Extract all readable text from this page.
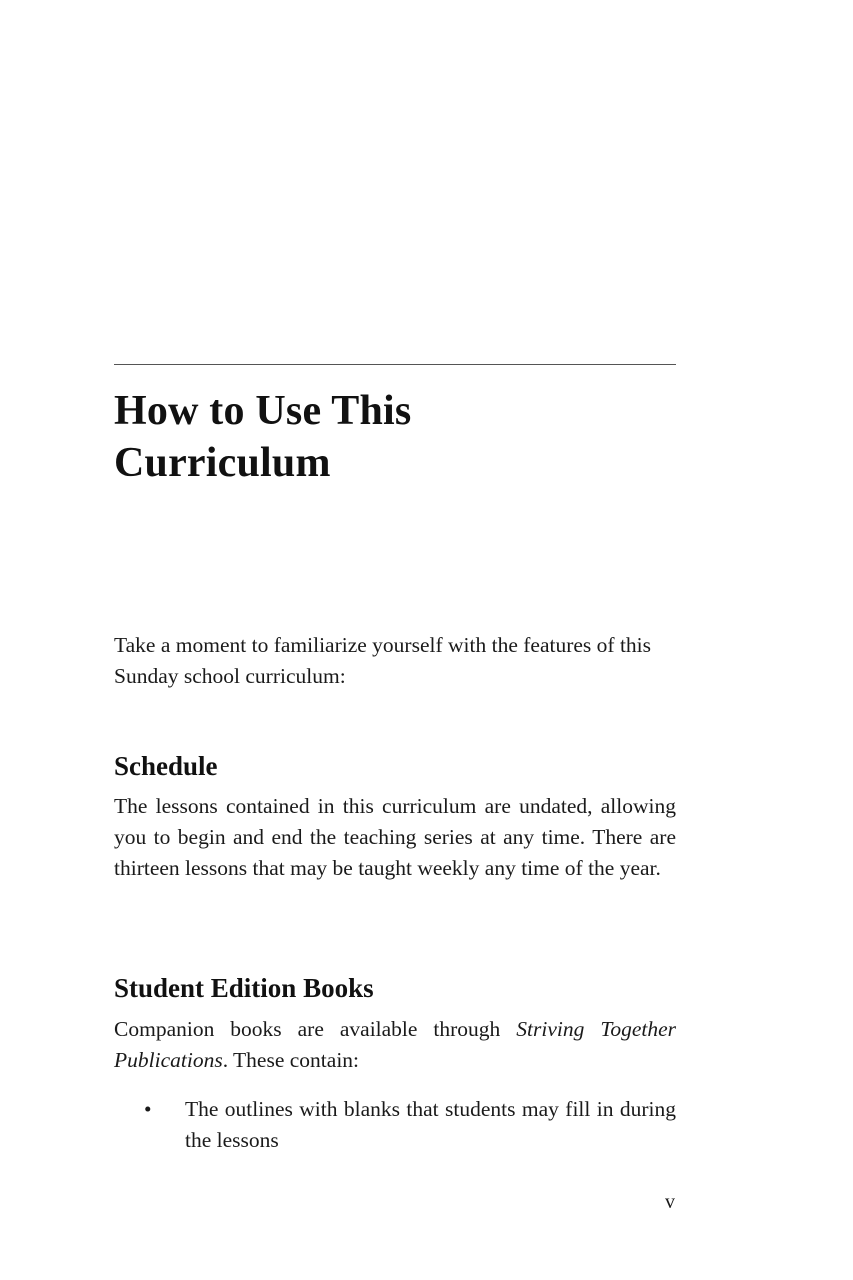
How to Use This
Curriculum

Take a moment to familiarize yourself with the features of this Sunday school curriculum:

Schedule

The lessons contained in this curriculum are undated, allowing you to begin and end the teaching series at any time. There are thirteen lessons that may be taught weekly any time of the year.

Student Edition Books

Companion books are available through Striving Together Publications. These contain:

• The outlines with blanks that students may fill in during the lessons
v
